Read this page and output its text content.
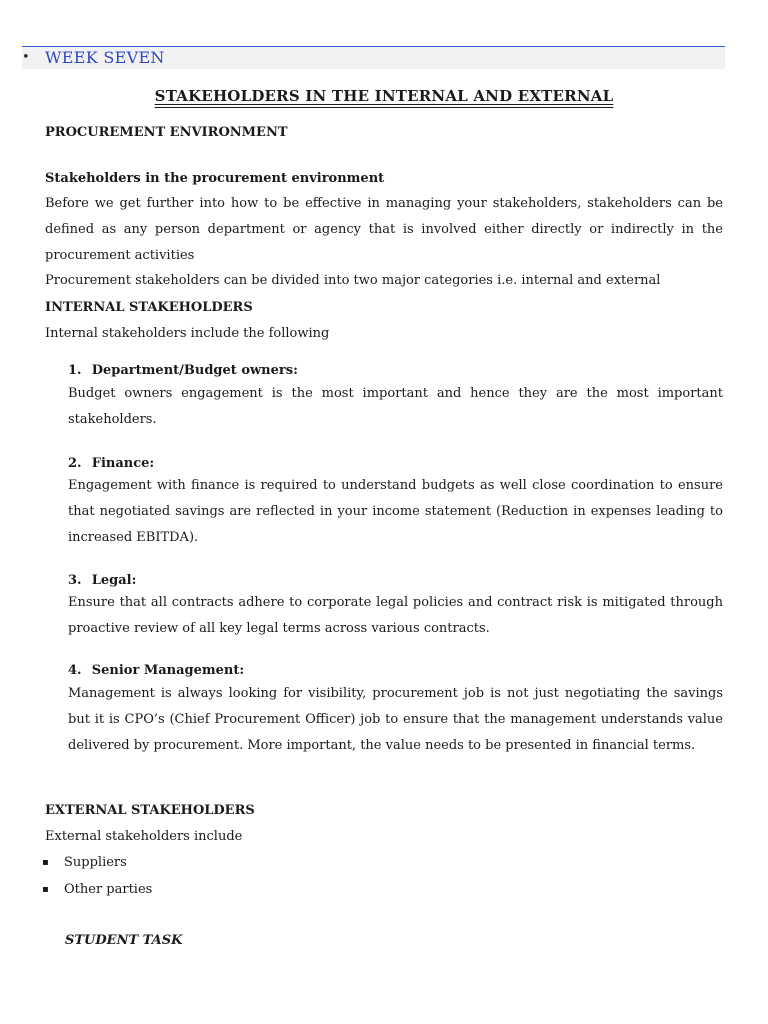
• WEEK SEVEN
STAKEHOLDERS IN THE INTERNAL AND EXTERNAL
PROCUREMENT ENVIRONMENT
Stakeholders in the procurement environment
Before we get further into how to be effective in managing your stakeholders, stakeholders can be defined as any person department or agency that is involved either directly or indirectly in the procurement activities
Procurement stakeholders can be divided into two major categories i.e. internal and external
INTERNAL STAKEHOLDERS
Internal stakeholders include the following
1. Department/Budget owners:
Budget owners engagement is the most important and hence they are the most important stakeholders.
2. Finance:
Engagement with finance is required to understand budgets as well close coordination to ensure that negotiated savings are reflected in your income statement (Reduction in expenses leading to increased EBITDA).
3. Legal:
Ensure that all contracts adhere to corporate legal policies and contract risk is mitigated through proactive review of all key legal terms across various contracts.
4. Senior Management:
Management is always looking for visibility, procurement job is not just negotiating the savings but it is CPO’s (Chief Procurement Officer) job to ensure that the management understands value delivered by procurement. More important, the value needs to be presented in financial terms.
EXTERNAL STAKEHOLDERS
External stakeholders include
▪ Suppliers
▪ Other parties
STUDENT TASK
